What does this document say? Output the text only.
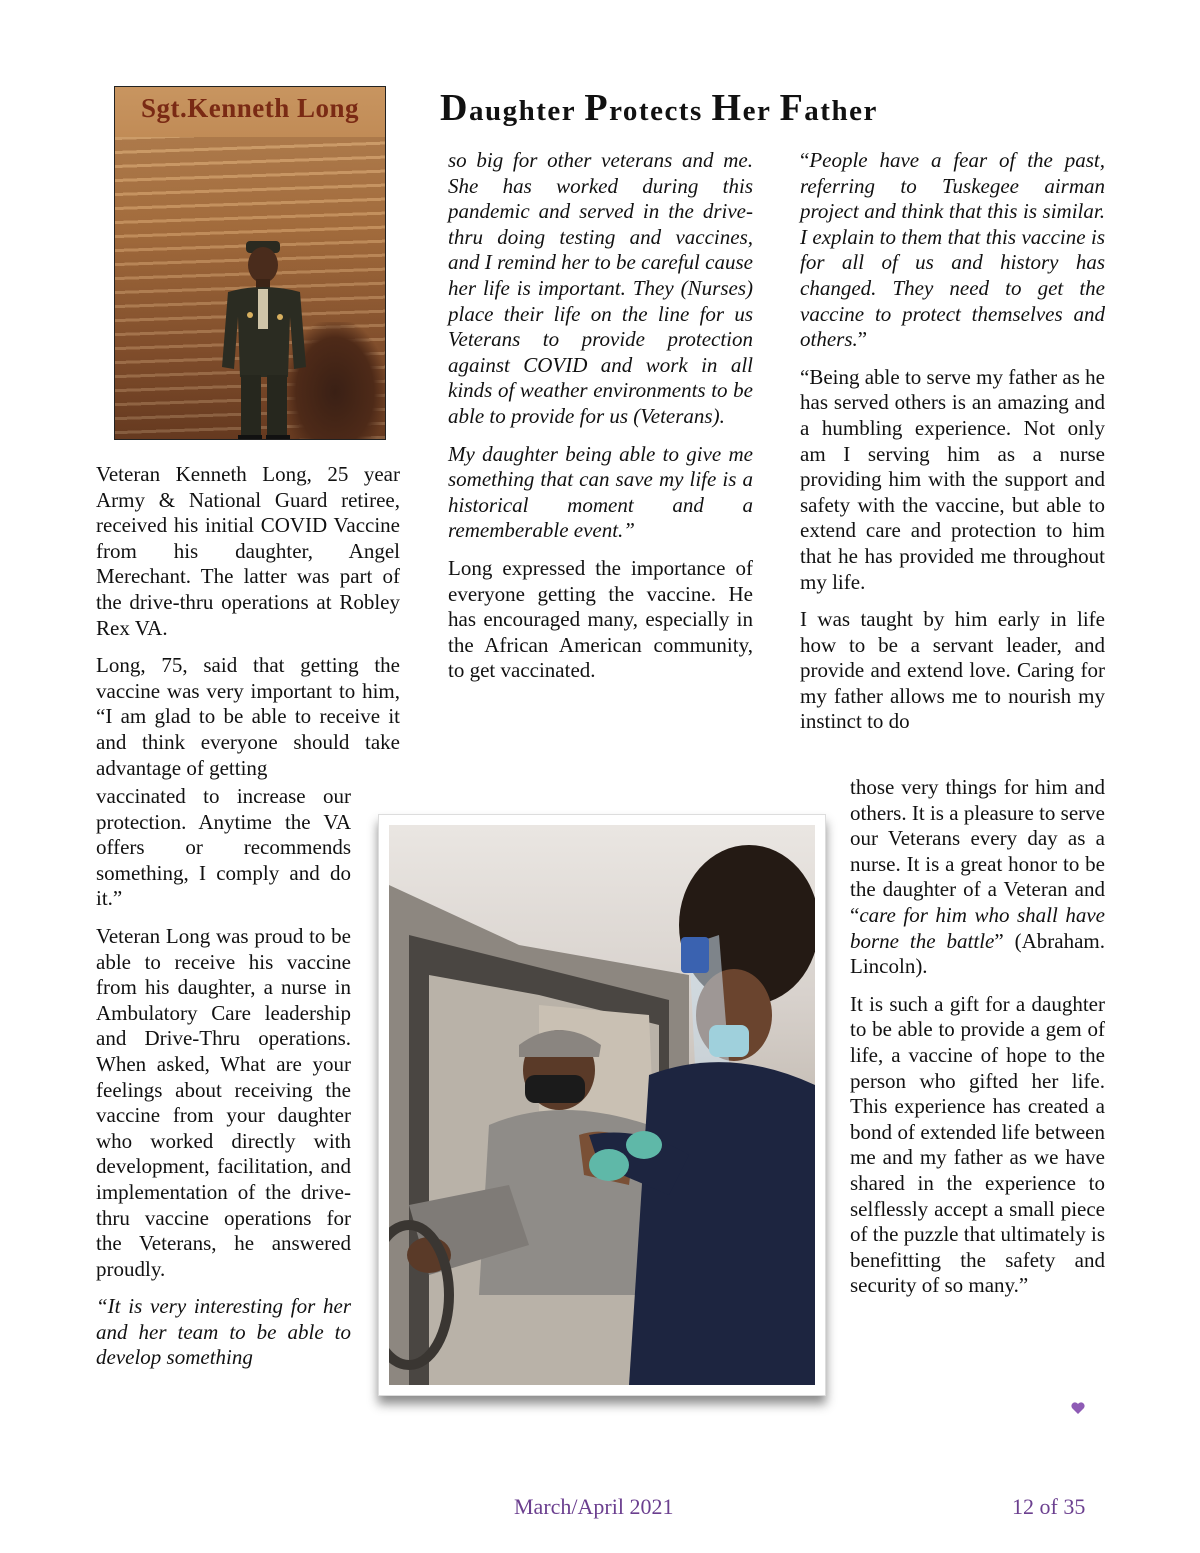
Daughter Protects Her Father
Sgt.Kenneth Long

Veteran Kenneth Long, 25 year Army & National Guard retiree, received his initial COVID Vaccine from his daughter, Angel Merechant. The latter was part of the drive-thru operations at Robley Rex VA.

Long, 75, said that getting the vaccine was very important to him, “I am glad to be able to receive it and think everyone should take advantage of getting

vaccinated to increase our protection. Anytime the VA offers or recommends something, I comply and do it.”

Veteran Long was proud to be able to receive his vaccine from his daughter, a nurse in Ambulatory Care leadership and Drive-Thru operations. When asked, What are your feelings about receiving the vaccine from your daughter who worked directly with development, facilitation, and implementation of the drive-thru vaccine operations for the Veterans, he answered proudly.

“It is very interesting for her and her team to be able to develop something

so big for other veterans and me. She has worked during this pandemic and served in the drive-thru doing testing and vaccines, and I remind her to be careful cause her life is important. They (Nurses) place their life on the line for us Veterans to provide protection against COVID and work in all kinds of weather environments to be able to provide for us (Veterans).

My daughter being able to give me something that can save my life is a historical moment and a rememberable event.”

Long expressed the importance of everyone getting the vaccine. He has encouraged many, especially in the African American community, to get vaccinated.

“People have a fear of the past, referring to Tuskegee airman project and think that this is similar. I explain to them that this vaccine is for all of us and history has changed. They need to get the vaccine to protect themselves and others.”

“Being able to serve my father as he has served others is an amazing and a humbling experience. Not only am I serving him as a nurse providing him with the support and safety with the vaccine, but able to extend care and protection to him that he has provided me throughout my life.

I was taught by him early in life how to be a servant leader, and provide and extend love. Caring for my father allows me to nourish my instinct to do

those very things for him and others. It is a pleasure to serve our Veterans every day as a nurse. It is a great honor to be the daughter of a Veteran and “care for him who shall have borne the battle” (Abraham. Lincoln).

It is such a gift for a daughter to be able to provide a gem of life, a vaccine of hope to the person who gifted her life. This experience has created a bond of extended life between me and my father as we have shared in the experience to selflessly accept a small piece of the puzzle that ultimately is benefitting the safety and security of so many.”

March/April 2021	12 of 35
